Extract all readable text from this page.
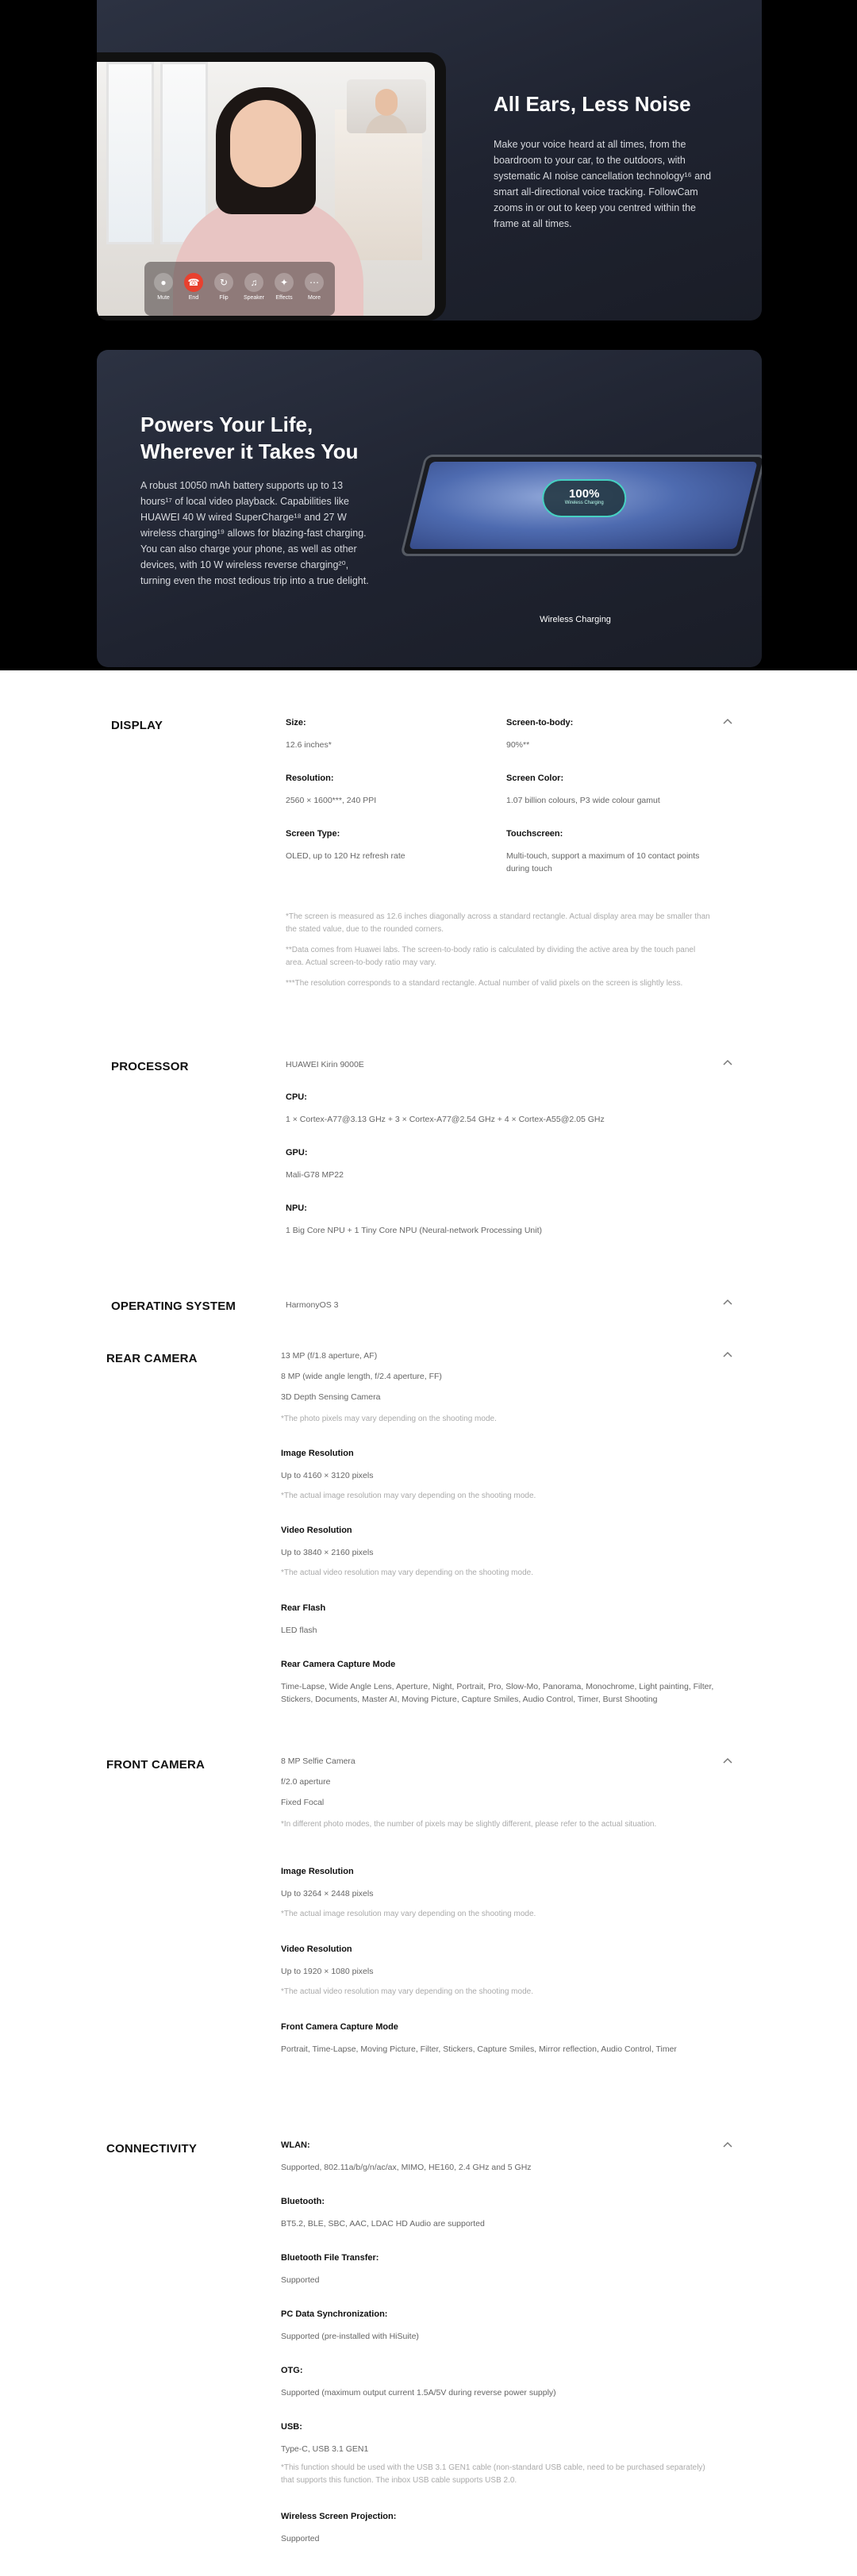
●
Mute
☎
End
↻
Flip
♫
Speaker
✦
Effects
⋯
More
All Ears, Less Noise
Make your voice heard at all times, from the boardroom to your car, to the outdoors, with systematic AI noise cancellation technology¹⁶ and smart all-directional voice tracking. FollowCam zooms in or out to keep you centred within the frame at all times.
Powers Your Life, Wherever it Takes You
A robust 10050 mAh battery supports up to 13 hours¹⁷ of local video playback. Capabilities like HUAWEI 40 W wired SuperCharge¹⁸ and 27 W wireless charging¹⁹ allows for blazing-fast charging. You can also charge your phone, as well as other devices, with 10 W wireless reverse charging²⁰, turning even the most tedious trip into a true delight.
100%
Wireless Charging
Wireless Charging
DISPLAY	Size:
12.6 inches*
Screen-to-body:
90%**
Resolution:
2560 × 1600***, 240 PPI
Screen Color:
1.07 billion colours, P3 wide colour gamut
Screen Type:
OLED, up to 120 Hz refresh rate
Touchscreen:
Multi-touch, support a maximum of 10 contact points during touch
*The screen is measured as 12.6 inches diagonally across a standard rectangle. Actual display area may be smaller than the stated value, due to the rounded corners.
**Data comes from Huawei labs. The screen-to-body ratio is calculated by dividing the active area by the touch panel area. Actual screen-to-body ratio may vary.
***The resolution corresponds to a standard rectangle. Actual number of valid pixels on the screen is slightly less.
PROCESSOR	HUAWEI Kirin 9000E
CPU:
1 × Cortex-A77@3.13 GHz + 3 × Cortex-A77@2.54 GHz + 4 × Cortex-A55@2.05 GHz
GPU:
Mali-G78 MP22
NPU:
1 Big Core NPU + 1 Tiny Core NPU (Neural-network Processing Unit)
OPERATING SYSTEM	HarmonyOS 3
REAR CAMERA	13 MP (f/1.8 aperture, AF)
8 MP (wide angle length, f/2.4 aperture, FF)
3D Depth Sensing Camera
*The photo pixels may vary depending on the shooting mode.
Image Resolution
Up to 4160 × 3120 pixels
*The actual image resolution may vary depending on the shooting mode.
Video Resolution
Up to 3840 × 2160 pixels
*The actual video resolution may vary depending on the shooting mode.
Rear Flash
LED flash
Rear Camera Capture Mode
Time-Lapse, Wide Angle Lens, Aperture, Night, Portrait, Pro, Slow-Mo, Panorama, Monochrome, Light painting, Filter, Stickers, Documents, Master AI, Moving Picture, Capture Smiles, Audio Control, Timer, Burst Shooting
FRONT CAMERA	8 MP Selfie Camera
f/2.0 aperture
Fixed Focal
*In different photo modes, the number of pixels may be slightly different, please refer to the actual situation.
Image Resolution
Up to 3264 × 2448 pixels
*The actual image resolution may vary depending on the shooting mode.
Video Resolution
Up to 1920 × 1080 pixels
*The actual video resolution may vary depending on the shooting mode.
Front Camera Capture Mode
Portrait, Time-Lapse, Moving Picture, Filter, Stickers, Capture Smiles, Mirror reflection, Audio Control, Timer
CONNECTIVITY	WLAN:
Supported, 802.11a/b/g/n/ac/ax, MIMO, HE160, 2.4 GHz and 5 GHz
Bluetooth:
BT5.2, BLE, SBC, AAC, LDAC HD Audio are supported
Bluetooth File Transfer:
Supported
PC Data Synchronization:
Supported (pre-installed with HiSuite)
OTG:
Supported (maximum output current 1.5A/5V during reverse power supply)
USB:
Type-C, USB 3.1 GEN1
*This function should be used with the USB 3.1 GEN1 cable (non-standard USB cable, need to be purchased separately) that supports this function. The inbox USB cable supports USB 2.0.
Wireless Screen Projection:
Supported
